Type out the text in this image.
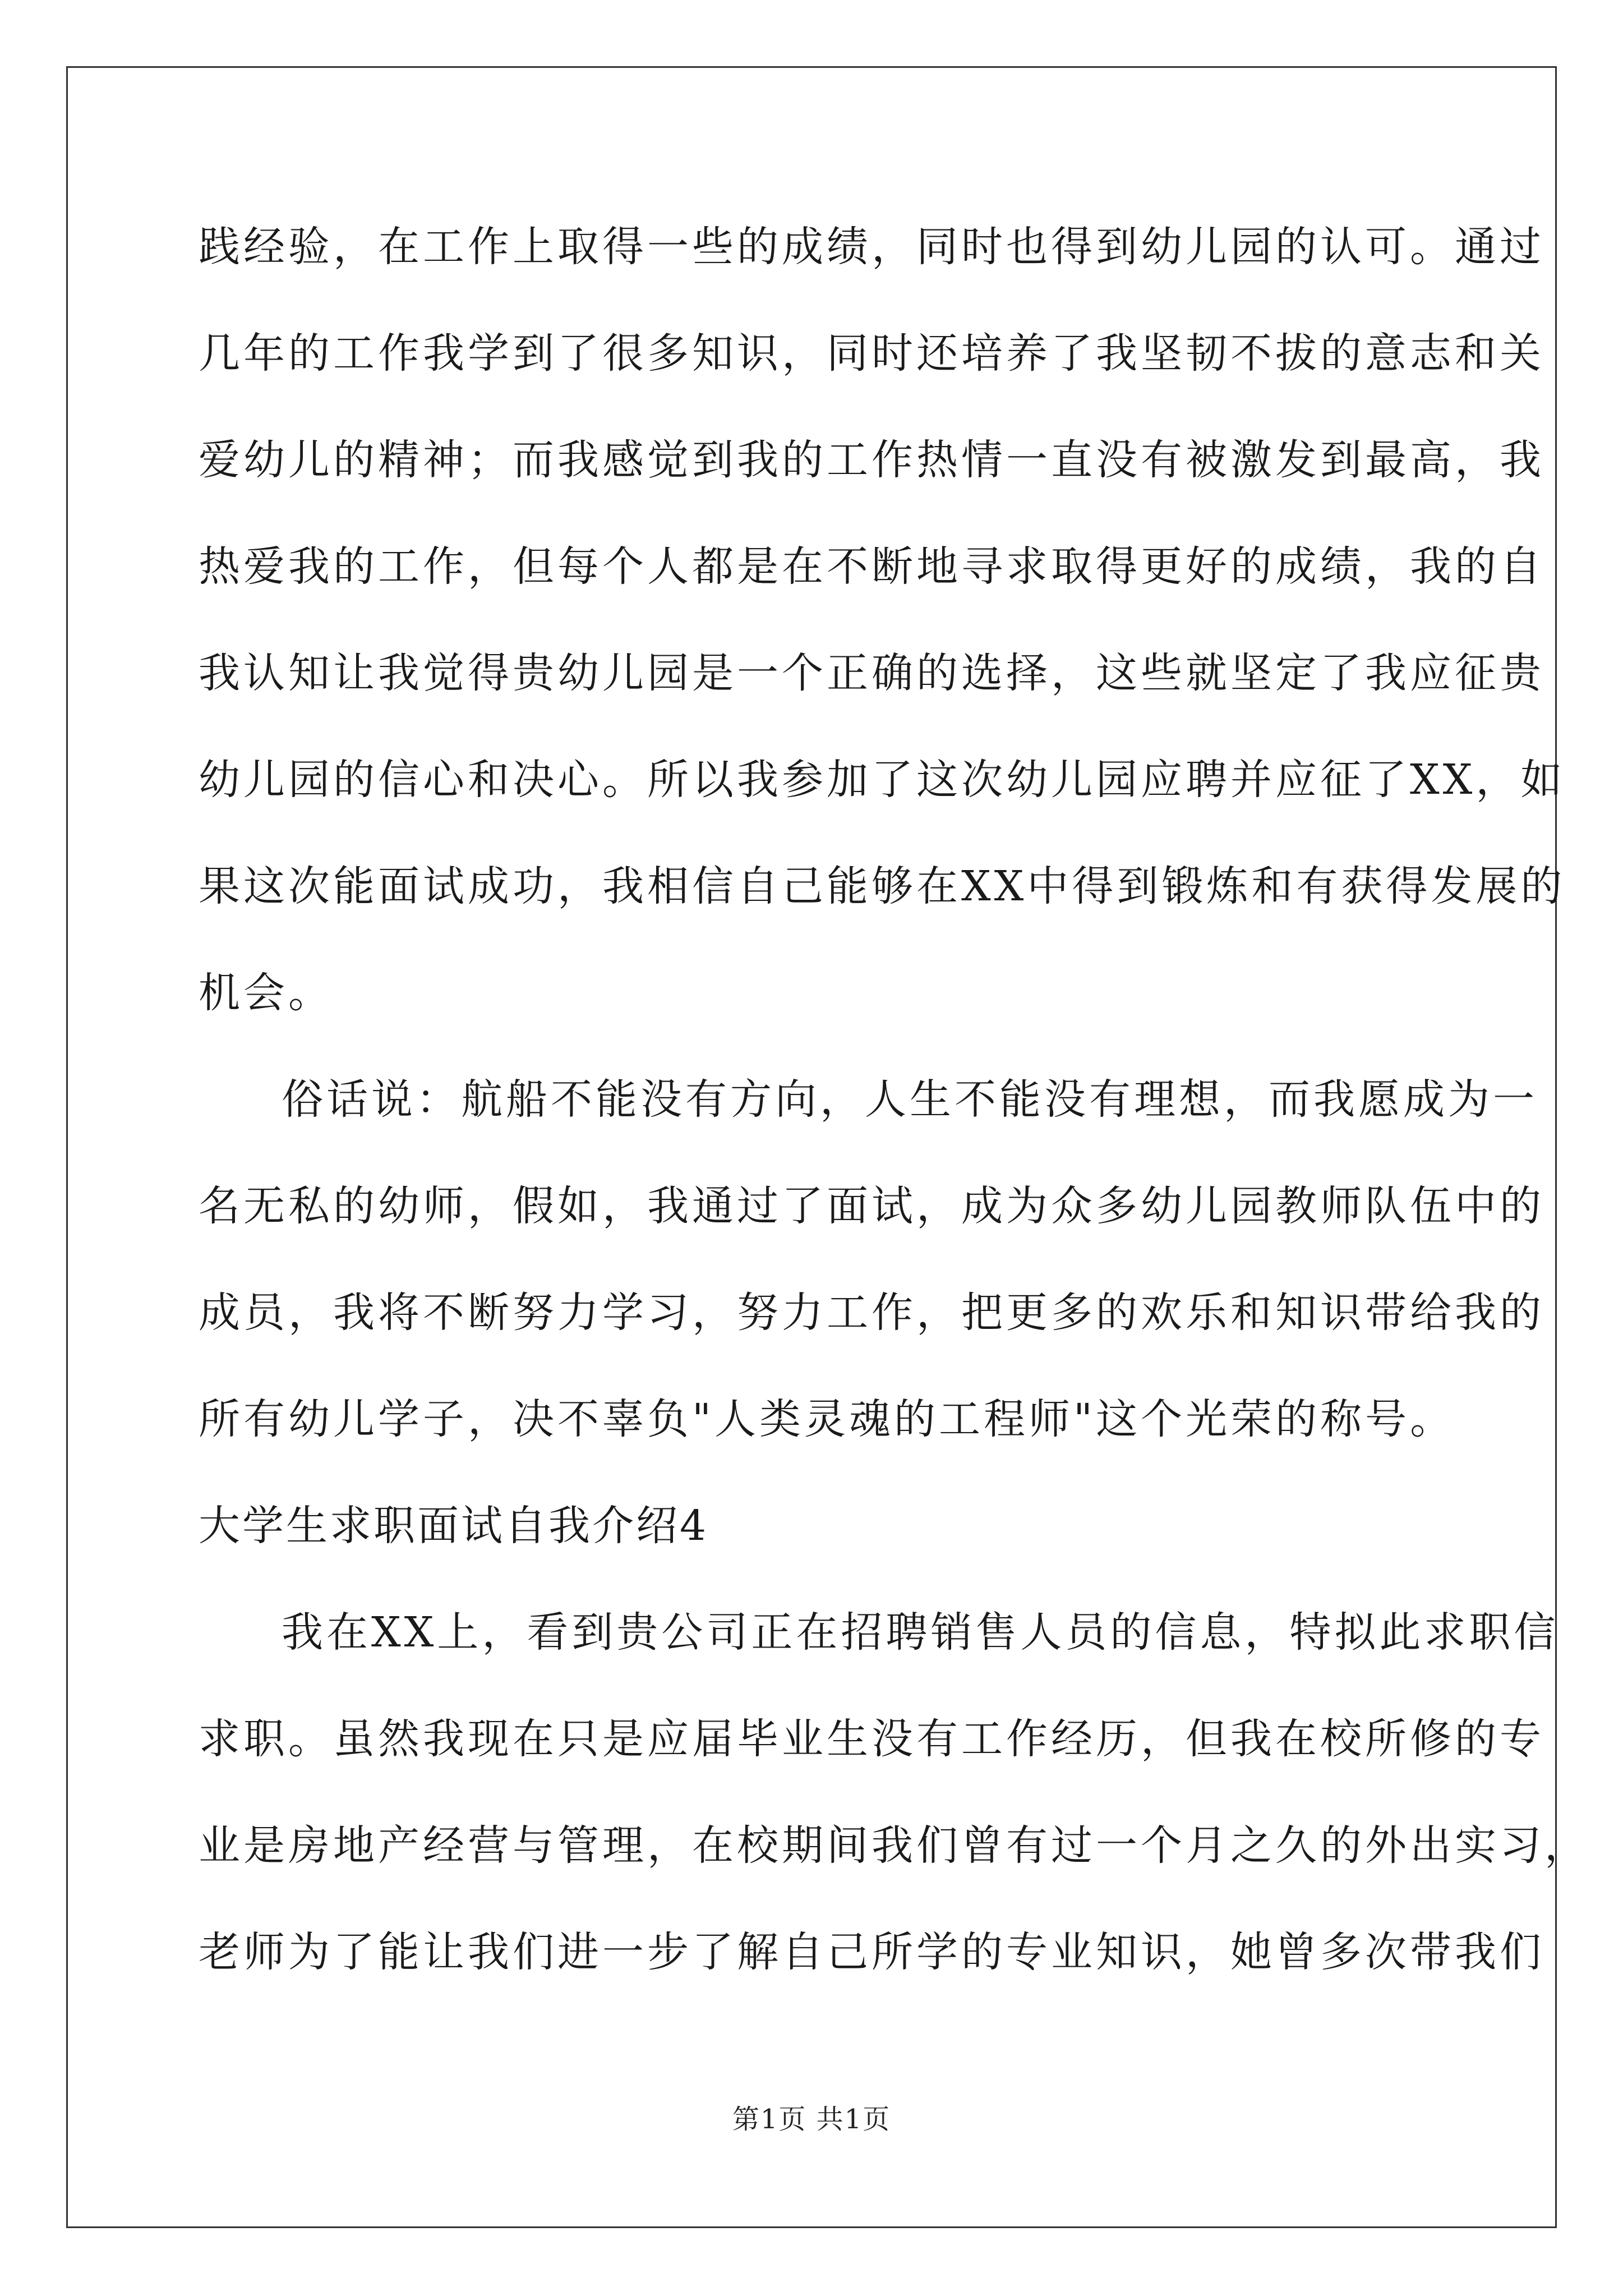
践经验，在工作上取得一些的成绩，同时也得到幼儿园的认可。通过
几年的工作我学到了很多知识，同时还培养了我坚韧不拔的意志和关
爱幼儿的精神；而我感觉到我的工作热情一直没有被激发到最高，我
热爱我的工作，但每个人都是在不断地寻求取得更好的成绩，我的自
我认知让我觉得贵幼儿园是一个正确的选择，这些就坚定了我应征贵
幼儿园的信心和决心。所以我参加了这次幼儿园应聘并应征了XX，如
果这次能面试成功，我相信自己能够在XX中得到锻炼和有获得发展的
机会。
俗话说：航船不能没有方向，人生不能没有理想，而我愿成为一
名无私的幼师，假如，我通过了面试，成为众多幼儿园教师队伍中的
成员，我将不断努力学习，努力工作，把更多的欢乐和知识带给我的
所有幼儿学子，决不辜负"人类灵魂的工程师"这个光荣的称号。
大学生求职面试自我介绍4
我在XX上，看到贵公司正在招聘销售人员的信息，特拟此求职信
求职。虽然我现在只是应届毕业生没有工作经历，但我在校所修的专
业是房地产经营与管理，在校期间我们曾有过一个月之久的外出实习，
老师为了能让我们进一步了解自己所学的专业知识，她曾多次带我们
第1页 共1页
